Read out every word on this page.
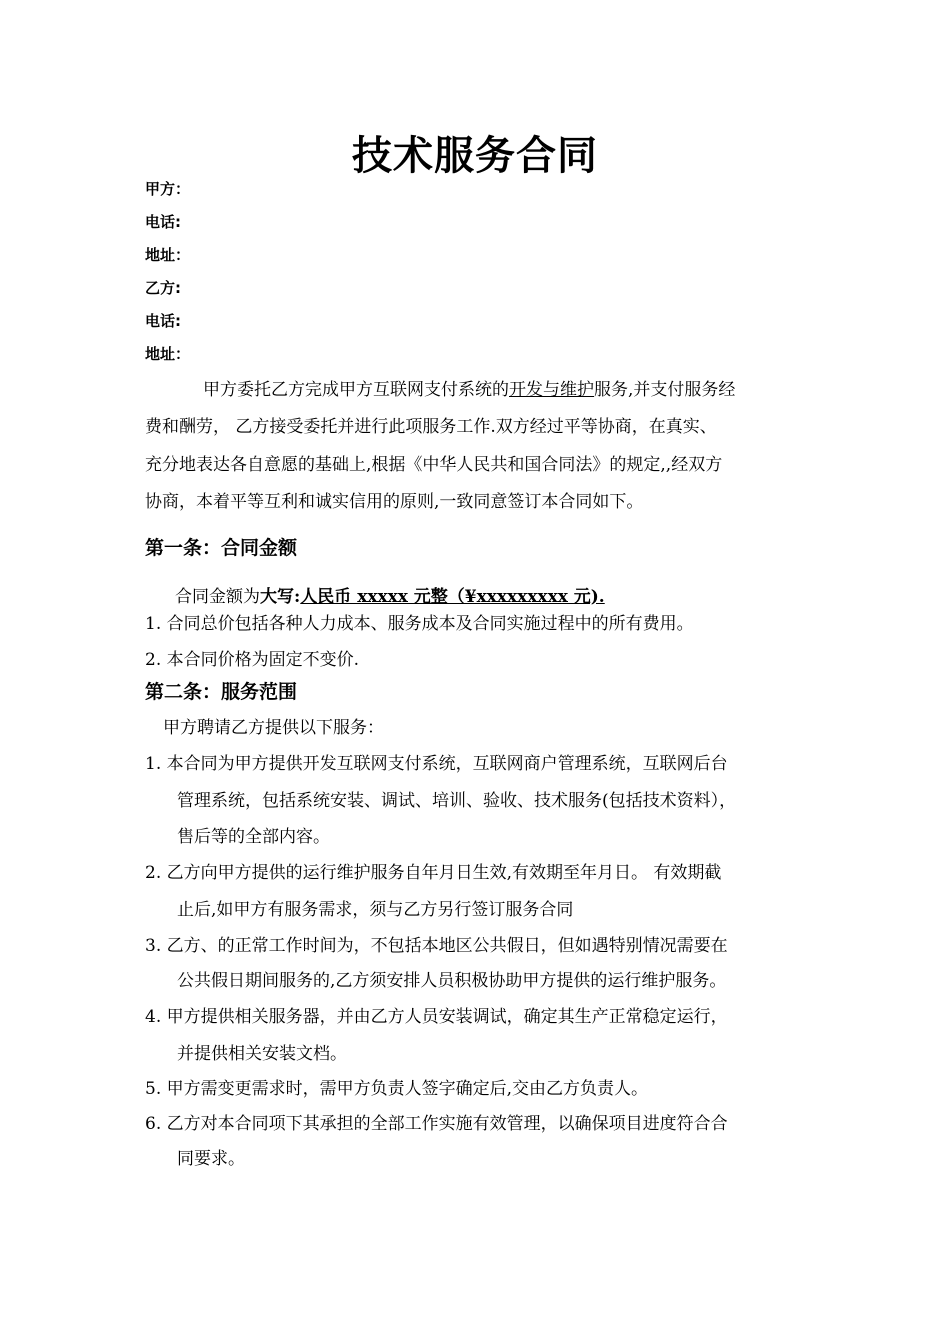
技术服务合同
甲方：
电话:
地址：
乙方:
电话:
地址：
甲方委托乙方完成甲方互联网支付系统的开发与维护服务,并支付服务经
费和酬劳， 乙方接受委托并进行此项服务工作.双方经过平等协商，在真实、
充分地表达各自意愿的基础上,根据《中华人民共和国合同法》的规定,,经双方
协商，本着平等互利和诚实信用的原则,一致同意签订本合同如下。
第一条：合同金额
合同金额为大写:人民币 xxxxx 元整（¥xxxxxxxxx 元).
1. 合同总价包括各种人力成本、服务成本及合同实施过程中的所有费用。
2. 本合同价格为固定不变价.
第二条：服务范围
甲方聘请乙方提供以下服务：
1. 本合同为甲方提供开发互联网支付系统，互联网商户管理系统，互联网后台
管理系统，包括系统安装、调试、培训、验收、技术服务(包括技术资料），
售后等的全部内容。
2. 乙方向甲方提供的运行维护服务自年月日生效,有效期至年月日。 有效期截
止后,如甲方有服务需求，须与乙方另行签订服务合同
3. 乙方、的正常工作时间为，不包括本地区公共假日，但如遇特别情况需要在
公共假日期间服务的,乙方须安排人员积极协助甲方提供的运行维护服务。
4. 甲方提供相关服务器，并由乙方人员安装调试，确定其生产正常稳定运行，
并提供相关安装文档。
5. 甲方需变更需求时，需甲方负责人签字确定后,交由乙方负责人。
6. 乙方对本合同项下其承担的全部工作实施有效管理，以确保项目进度符合合
同要求。
